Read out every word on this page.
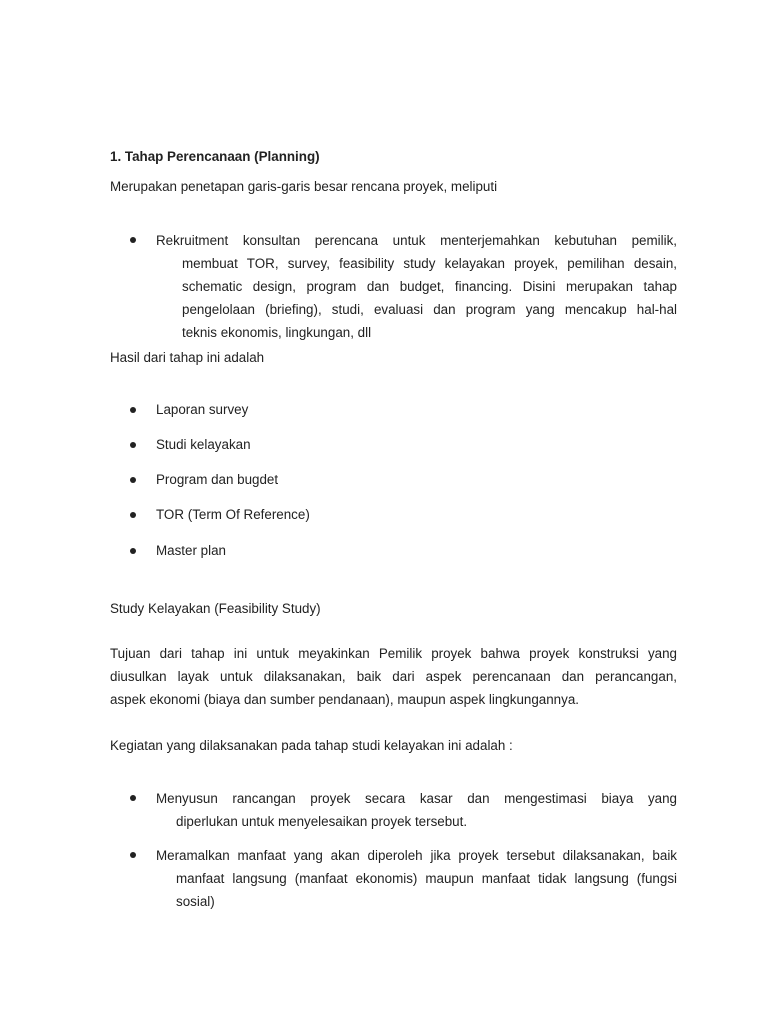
1. Tahap Perencanaan (Planning)
Merupakan penetapan garis-garis besar rencana proyek, meliputi
Rekruitment konsultan perencana untuk menterjemahkan kebutuhan pemilik,
membuat TOR, survey, feasibility study kelayakan proyek, pemilihan desain,
schematic design, program dan budget, financing. Disini merupakan tahap
pengelolaan (briefing), studi, evaluasi dan program yang mencakup hal-hal
teknis ekonomis, lingkungan, dll
Hasil dari tahap ini adalah
Laporan survey
Studi kelayakan
Program dan bugdet
TOR (Term Of Reference)
Master plan
Study Kelayakan (Feasibility Study)
Tujuan dari tahap ini untuk meyakinkan Pemilik proyek bahwa proyek konstruksi yang
diusulkan layak untuk dilaksanakan, baik dari aspek perencanaan dan perancangan,
aspek ekonomi (biaya dan sumber pendanaan), maupun aspek lingkungannya.
Kegiatan yang dilaksanakan pada tahap studi kelayakan ini adalah :
Menyusun rancangan proyek secara kasar dan mengestimasi biaya yang
diperlukan untuk menyelesaikan proyek tersebut.
Meramalkan manfaat yang akan diperoleh jika proyek tersebut dilaksanakan, baik
manfaat langsung (manfaat ekonomis) maupun manfaat tidak langsung (fungsi
sosial)
